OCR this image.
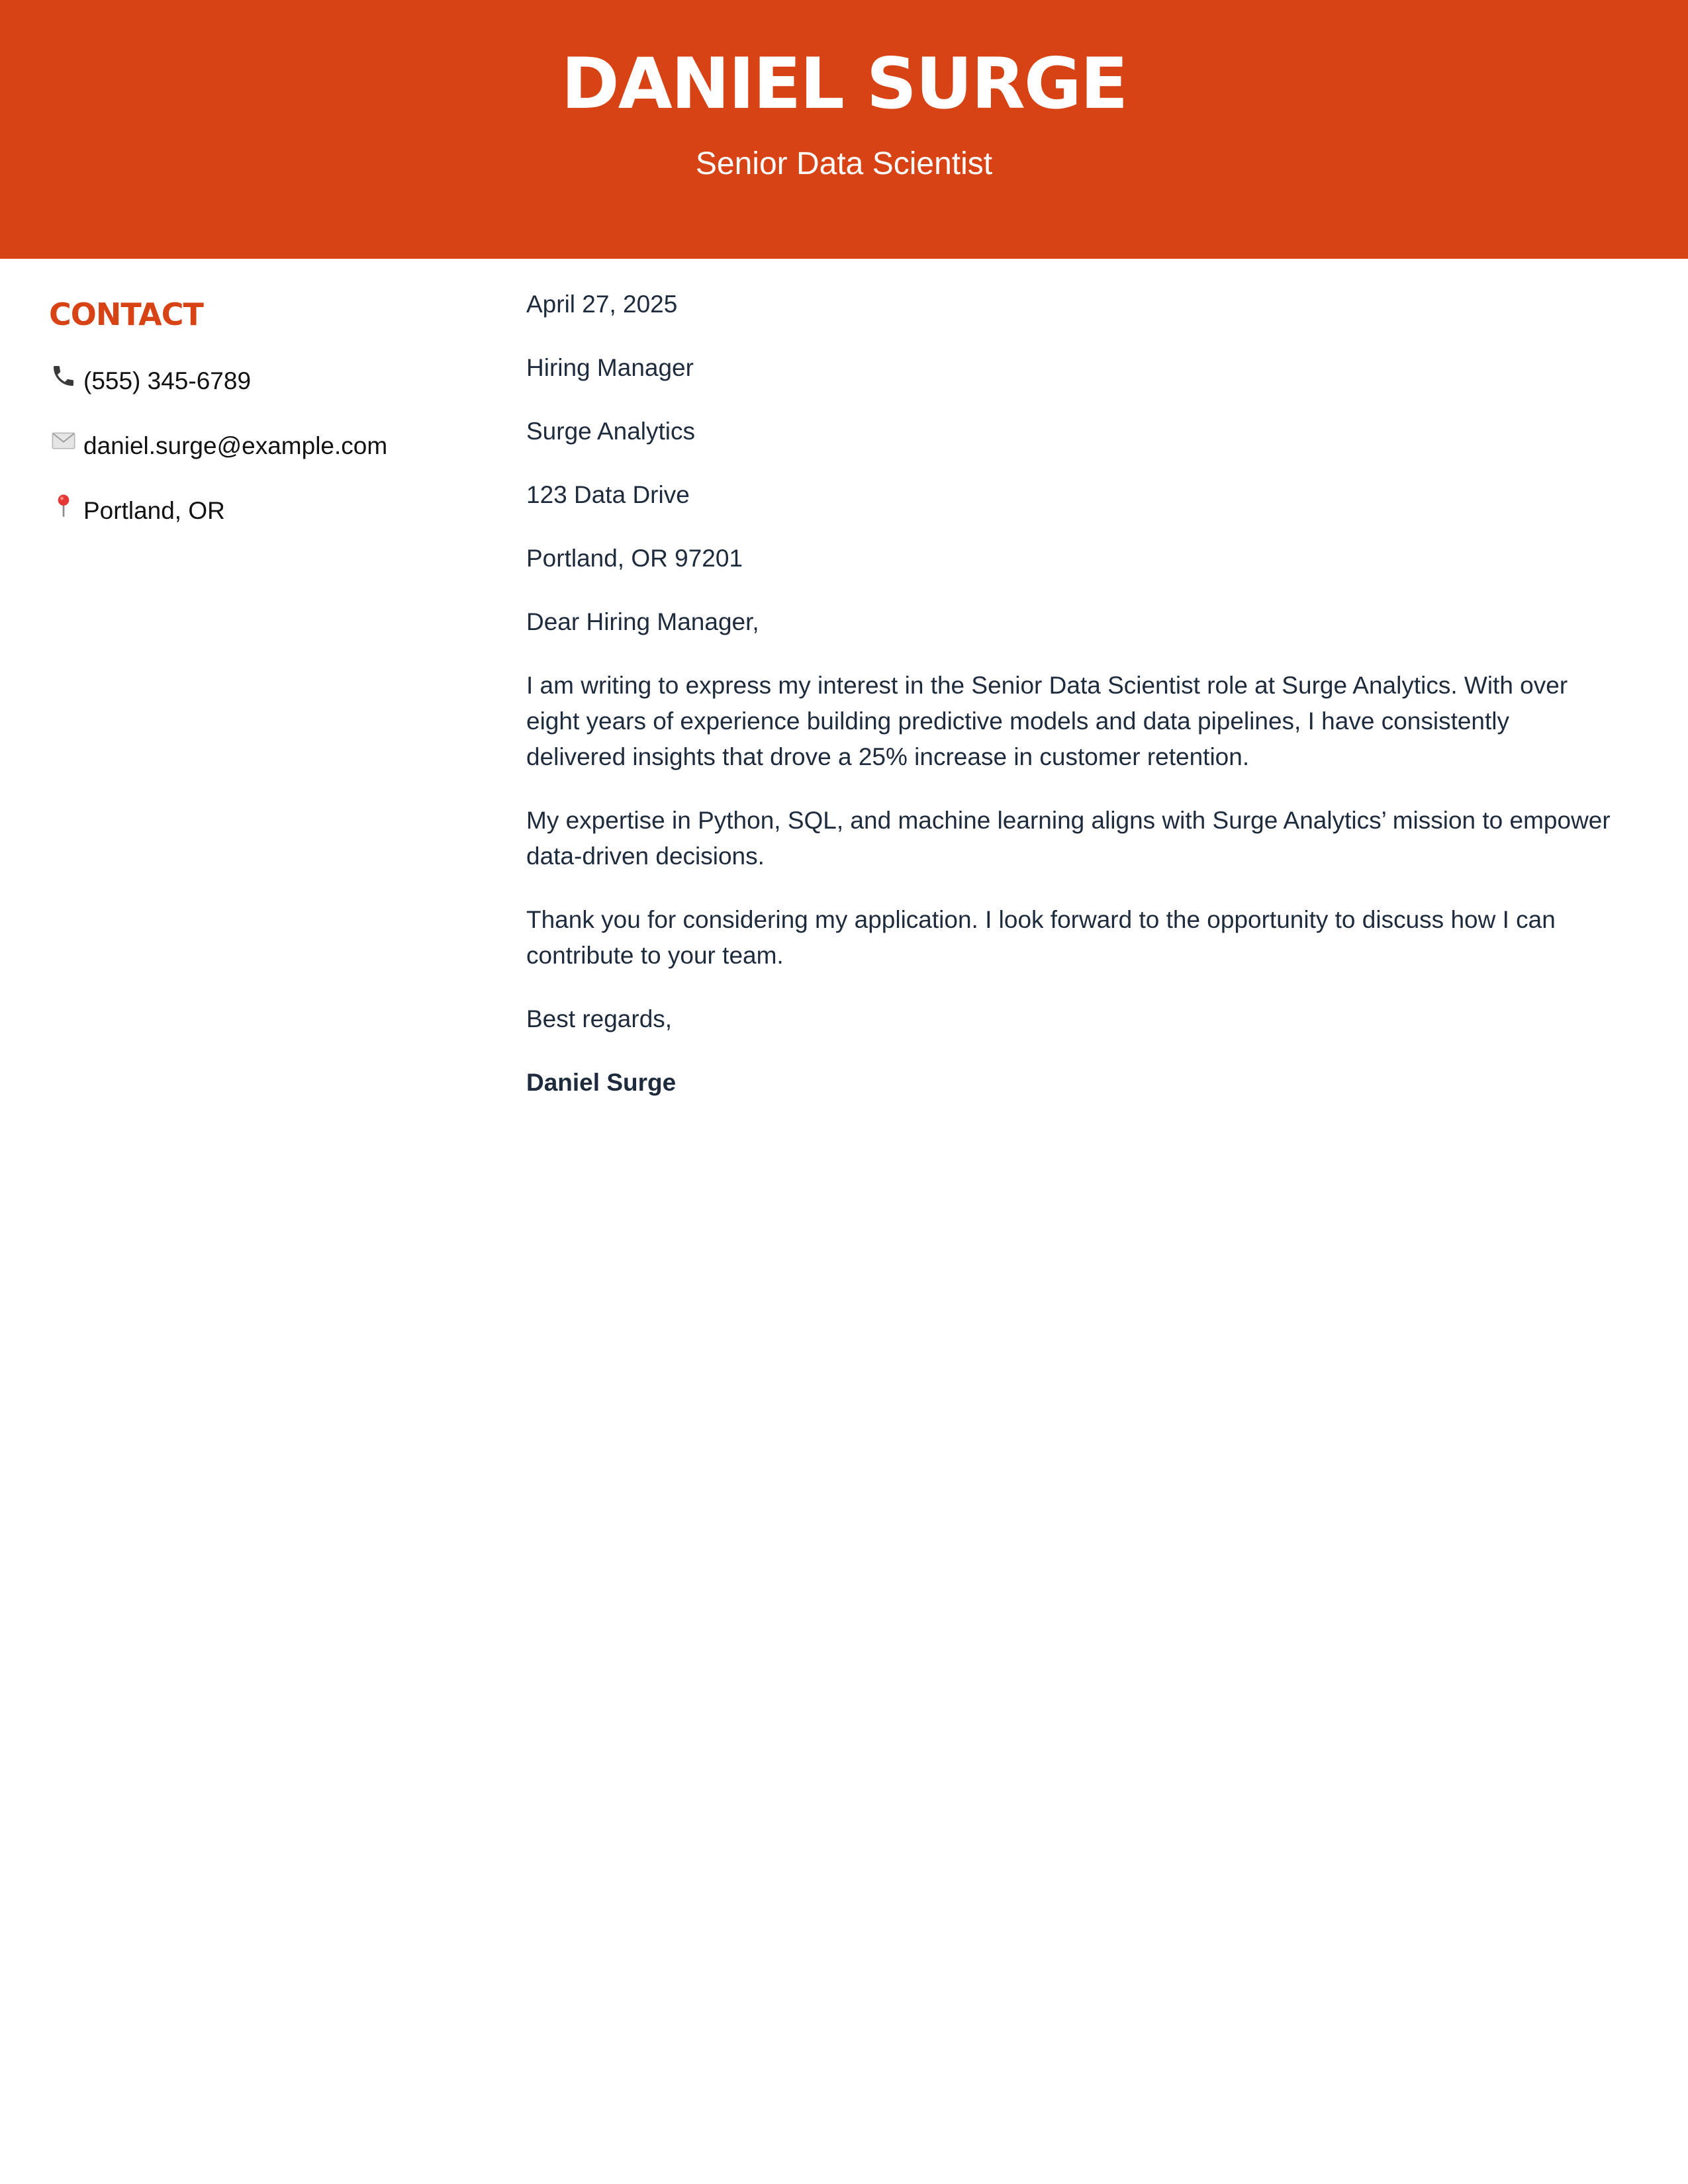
DANIEL SURGE
Senior Data Scientist
CONTACT
(555) 345-6789
daniel.surge@example.com
Portland, OR

April 27, 2025

Hiring Manager

Surge Analytics

123 Data Drive

Portland, OR 97201

Dear Hiring Manager,

I am writing to express my interest in the Senior Data Scientist role at Surge Analytics. With over eight years of experience building predictive models and data pipelines, I have consistently delivered insights that drove a 25% increase in customer retention.

My expertise in Python, SQL, and machine learning aligns with Surge Analytics’ mission to empower data-driven decisions.

Thank you for considering my application. I look forward to the opportunity to discuss how I can contribute to your team.

Best regards,

Daniel Surge
